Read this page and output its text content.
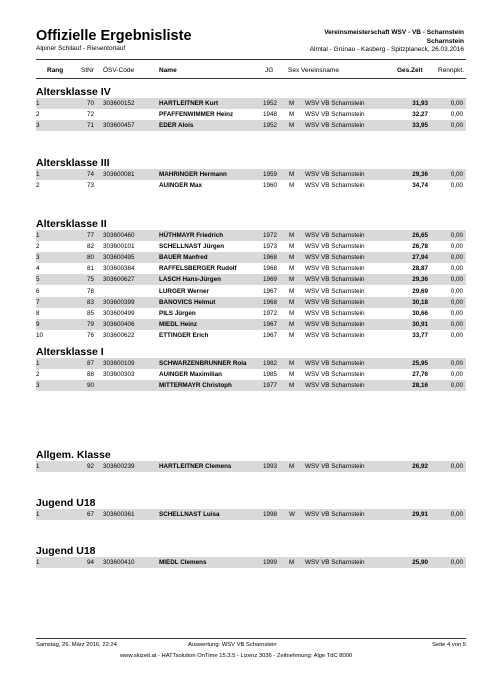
Offizielle Ergebnisliste
Alpiner Schilauf - Riesentorlauf
Vereinsmeisterschaft WSV - VB - Scharnstein
Scharnstein
Almtal - Grünau - Kasberg - Spitzplaneck, 26.03.2016
Rang	StNr ÖSV-Code	Name	JG Sex Vereinsname	Ges.Zeit Rennpkt.
Altersklasse IV
1	70 303600152	HARTLEITNER Kurt	1952 M WSV VB Scharnstein	31,93	0,00
2	72	PFAFFENWIMMER Heinz	1948 M WSV VB Scharnstein	32,27	0,00
3	71 303600457	EDER Alois	1952 M WSV VB Scharnstein	33,95	0,00
Altersklasse III
1	74 303600081	MAHRINGER Hermann	1959 M WSV VB Scharnstein	29,36	0,00
2	73	AUINGER Max	1960 M WSV VB Scharnstein	34,74	0,00
Altersklasse II
1	77 303600460	HÜTHMAYR Friedrich	1972 M WSV VB Scharnstein	26,65	0,00
2	82 303600101	SCHELLNAST Jürgen	1973 M WSV VB Scharnstein	26,78	0,00
3	80 303600495	BAUER Manfred	1968 M WSV VB Scharnstein	27,94	0,00
4	81 303600384	RAFFELSBERGER Rudolf	1968 M WSV VB Scharnstein	28,87	0,00
5	75 303600627	LASCH Hans-Jürgen	1969 M WSV VB Scharnstein	29,36	0,00
6	78	LURGER Werner	1967 M WSV VB Scharnstein	29,69	0,00
7	83 303600399	BANOVICS Helmut	1968 M WSV VB Scharnstein	30,18	0,00
8	85 303600499	PILS Jürgen	1972 M WSV VB Scharnstein	30,66	0,00
9	79 303600406	MIEDL Heinz	1967 M WSV VB Scharnstein	30,91	0,00
10	76 303600622	ETTINGER Erich	1967 M WSV VB Scharnstein	33,77	0,00
Altersklasse I
1	87 303600109	SCHWARZENBRUNNER Rola	1982 M WSV VB Scharnstein	25,95	0,00
2	88 303600303	AUINGER Maximilian	1985 M WSV VB Scharnstein	27,76	0,00
3	90	MITTERMAYR Christoph	1977 M WSV VB Scharnstein	28,16	0,00
Allgem. Klasse
1	92 303600239	HARTLEITNER Clemens	1993 M WSV VB Scharnstein	26,92	0,00
Jugend U18
1	67 303600361	SCHELLNAST Luisa	1998 W WSV VB Scharnstein	29,91	0,00
Jugend U18
1	94 303600410	MIEDL Clemens	1999 M WSV VB Scharnstein	25,90	0,00
Samstag, 26. März 2016, 22:24	Auswertung: WSV VB Scharnstein	Seite 4 von 5
www.skizeit.at - HATTsolution OnTime 15.3.5 - Lizenz 3036 - Zeitnehmung: Alge TdC 8000
